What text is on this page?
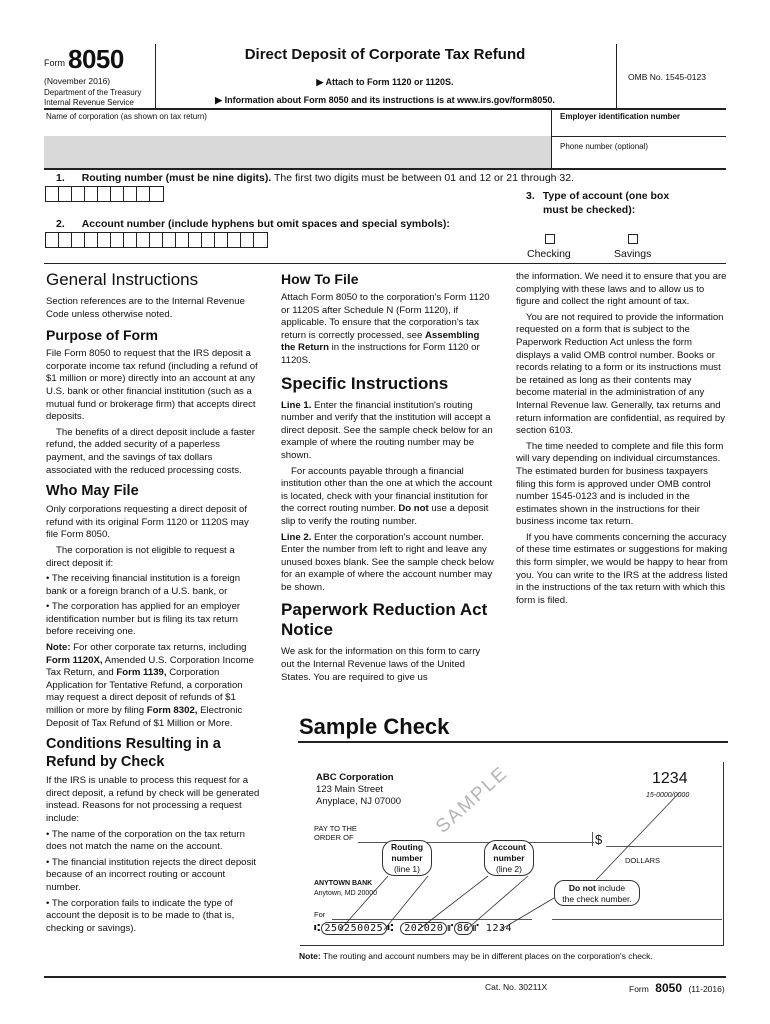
Form 8050
(November 2016)
Department of the Treasury
Internal Revenue Service
Direct Deposit of Corporate Tax Refund
▶ Attach to Form 1120 or 1120S.
▶ Information about Form 8050 and its instructions is at www.irs.gov/form8050.
OMB No. 1545-0123
Name of corporation (as shown on tax return)	Employer identification number
Phone number (optional)
1. Routing number (must be nine digits). The first two digits must be between 01 and 12 or 21 through 32.
3. Type of account (one box
must be checked):
Checking	Savings
2. Account number (include hyphens but omit spaces and special symbols):
General Instructions

Section references are to the Internal Revenue Code unless otherwise noted.

Purpose of Form

File Form 8050 to request that the IRS deposit a corporate income tax refund (including a refund of $1 million or more) directly into an account at any U.S. bank or other financial institution (such as a mutual fund or brokerage firm) that accepts direct deposits.

The benefits of a direct deposit include a faster refund, the added security of a paperless payment, and the savings of tax dollars associated with the reduced processing costs.

Who May File

Only corporations requesting a direct deposit of refund with its original Form 1120 or 1120S may file Form 8050.

The corporation is not eligible to request a direct deposit if:

• The receiving financial institution is a foreign bank or a foreign branch of a U.S. bank, or

• The corporation has applied for an employer identification number but is filing its tax return before receiving one.

Note: For other corporate tax returns, including Form 1120X, Amended U.S. Corporation Income Tax Return, and Form 1139, Corporation Application for Tentative Refund, a corporation may request a direct deposit of refunds of $1 million or more by filing Form 8302, Electronic Deposit of Tax Refund of $1 Million or More.

Conditions Resulting in a Refund by Check

If the IRS is unable to process this request for a direct deposit, a refund by check will be generated instead. Reasons for not processing a request include:

• The name of the corporation on the tax return does not match the name on the account.

• The financial institution rejects the direct deposit because of an incorrect routing or account number.

• The corporation fails to indicate the type of account the deposit is to be made to (that is, checking or savings).

How To File

Attach Form 8050 to the corporation's Form 1120 or 1120S after Schedule N (Form 1120), if applicable. To ensure that the corporation's tax return is correctly processed, see Assembling the Return in the instructions for Form 1120 or 1120S.

Specific Instructions

Line 1. Enter the financial institution's routing number and verify that the institution will accept a direct deposit. See the sample check below for an example of where the routing number may be shown.

For accounts payable through a financial institution other than the one at which the account is located, check with your financial institution for the correct routing number. Do not use a deposit slip to verify the routing number.

Line 2. Enter the corporation's account number. Enter the number from left to right and leave any unused boxes blank. See the sample check below for an example of where the account number may be shown.

Paperwork Reduction Act Notice

We ask for the information on this form to carry out the Internal Revenue laws of the United States. You are required to give us

the information. We need it to ensure that you are complying with these laws and to allow us to figure and collect the right amount of tax.

You are not required to provide the information requested on a form that is subject to the Paperwork Reduction Act unless the form displays a valid OMB control number. Books or records relating to a form or its instructions must be retained as long as their contents may become material in the administration of any Internal Revenue law. Generally, tax returns and return information are confidential, as required by section 6103.

The time needed to complete and file this form will vary depending on individual circumstances. The estimated burden for business taxpayers filing this form is approved under OMB control number 1545-0123 and is included in the estimates shown in the instructions for their business income tax return.

If you have comments concerning the accuracy of these time estimates or suggestions for making this form simpler, we would be happy to hear from you. You can write to the IRS at the address listed in the instructions of the tax return with which this form is filed.

Sample Check
ABC Corporation
123 Main Street
Anyplace, NJ 07000
1234
15-0000/0000
PAY TO THE
ORDER OF	$
DOLLARS
SAMPLE
ANYTOWN BANK
Anytown, MD 20000
For
Routing
number
(line 1)
Account
number
(line 2)
Do not include
the check number.
⑆ 250250025 ⑆ 202020 ⑈ 86 ⑈ 1234
Note: The routing and account numbers may be in different places on the corporation's check.
Cat. No. 30211X	Form 8050 (11-2016)
